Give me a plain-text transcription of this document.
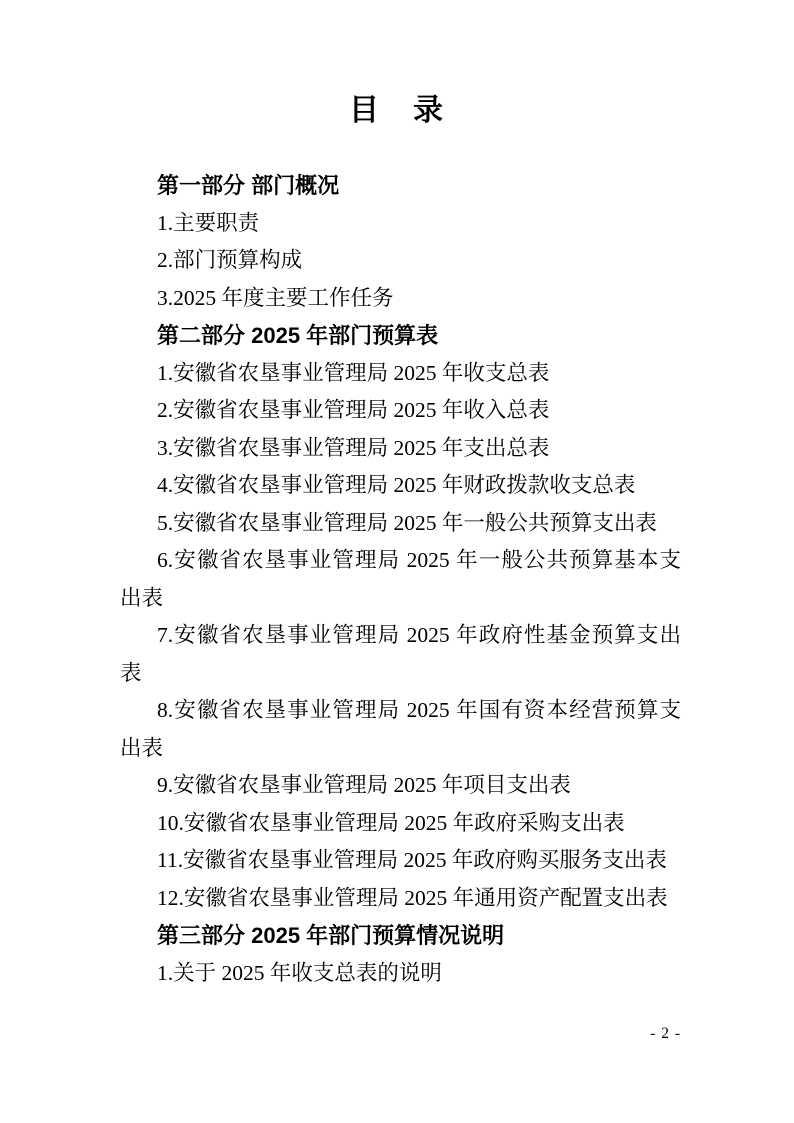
目　录
第一部分 部门概况
1.主要职责
2.部门预算构成
3.2025 年度主要工作任务
第二部分 2025 年部门预算表
1.安徽省农垦事业管理局 2025 年收支总表
2.安徽省农垦事业管理局 2025 年收入总表
3.安徽省农垦事业管理局 2025 年支出总表
4.安徽省农垦事业管理局 2025 年财政拨款收支总表
5.安徽省农垦事业管理局 2025 年一般公共预算支出表
6.安徽省农垦事业管理局 2025 年一般公共预算基本支
出表
7.安徽省农垦事业管理局 2025 年政府性基金预算支出
表
8.安徽省农垦事业管理局 2025 年国有资本经营预算支
出表
9.安徽省农垦事业管理局 2025 年项目支出表
10.安徽省农垦事业管理局 2025 年政府采购支出表
11.安徽省农垦事业管理局 2025 年政府购买服务支出表
12.安徽省农垦事业管理局 2025 年通用资产配置支出表
第三部分 2025 年部门预算情况说明
1.关于 2025 年收支总表的说明
- 2 -
